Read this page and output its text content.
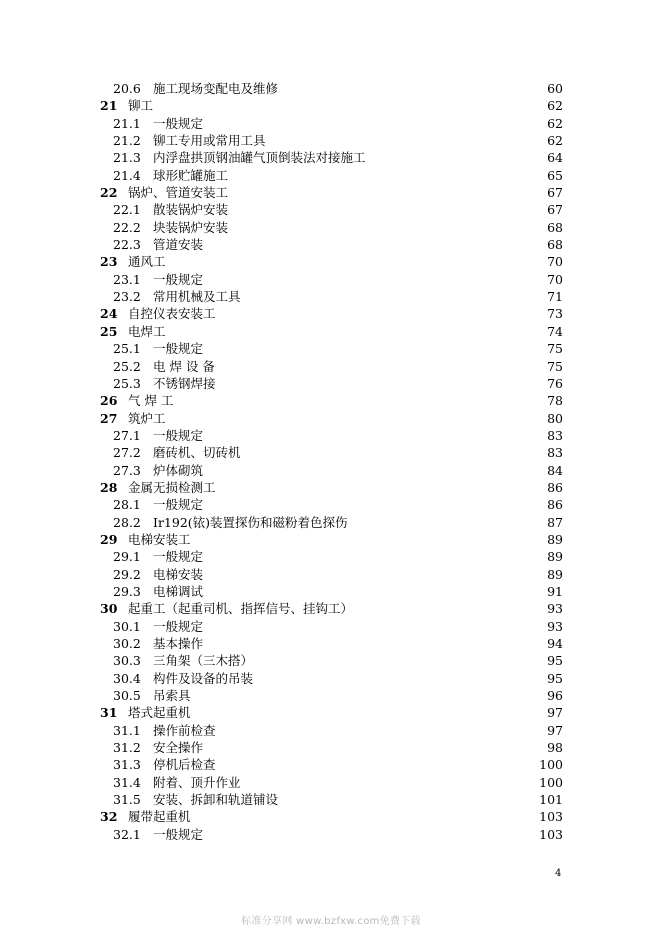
20.6 施工现场变配电及维修	60
21 铆工	62
21.1 一般规定	62
21.2 铆工专用或常用工具	62
21.3 内浮盘拱顶钢油罐气顶倒装法对接施工	64
21.4 球形贮罐施工	65
22 锅炉、管道安装工	67
22.1 散装锅炉安装	67
22.2 块装锅炉安装	68
22.3 管道安装	68
23 通风工	70
23.1 一般规定	70
23.2 常用机械及工具	71
24 自控仪表安装工	73
25 电焊工	74
25.1 一般规定	75
25.2 电 焊 设 备	75
25.3 不锈钢焊接	76
26 气 焊 工	78
27 筑炉工	80
27.1 一般规定	83
27.2 磨砖机、切砖机	83
27.3 炉体砌筑	84
28 金属无损检测工	86
28.1 一般规定	86
28.2 Ir192(铱)装置探伤和磁粉着色探伤	87
29 电梯安装工	89
29.1 一般规定	89
29.2 电梯安装	89
29.3 电梯调试	91
30 起重工（起重司机、指挥信号、挂钩工）	93
30.1 一般规定	93
30.2 基本操作	94
30.3 三角架（三木搭）	95
30.4 构件及设备的吊装	95
30.5 吊索具	96
31 塔式起重机	97
31.1 操作前检查	97
31.2 安全操作	98
31.3 停机后检查	100
31.4 附着、顶升作业	100
31.5 安装、拆卸和轨道铺设	101
32 履带起重机	103
32.1 一般规定	103
4
标准分享网 www.bzfxw.com免费下载
